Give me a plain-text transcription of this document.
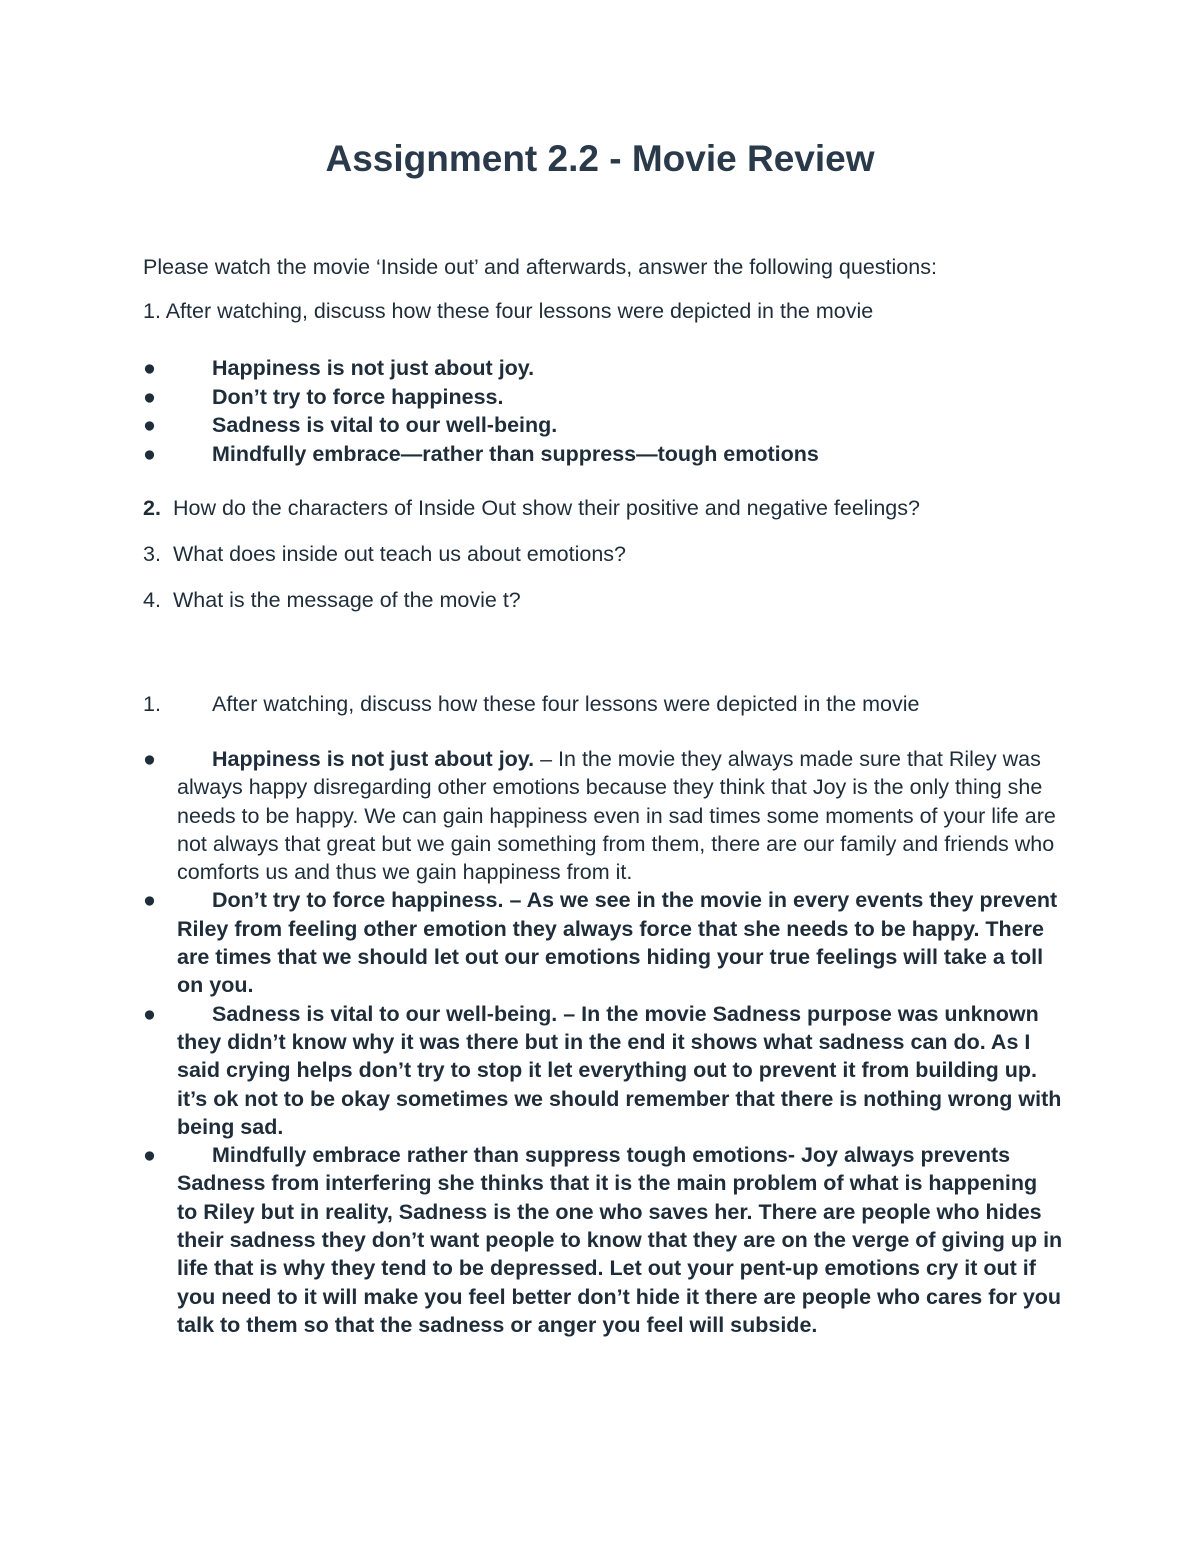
Assignment 2.2 - Movie Review
Please watch the movie ‘Inside out’ and afterwards, answer the following questions:
1. After watching, discuss how these four lessons were depicted in the movie
●	Happiness is not just about joy.
●	Don’t try to force happiness.
●	Sadness is vital to our well-being.
●	Mindfully embrace—rather than suppress—tough emotions
2. How do the characters of Inside Out show their positive and negative feelings?
3. What does inside out teach us about emotions?
4. What is the message of the movie t?
1. After watching, discuss how these four lessons were depicted in the movie
●	Happiness is not just about joy. – In the movie they always made sure that Riley was always happy disregarding other emotions because they think that Joy is the only thing she needs to be happy. We can gain happiness even in sad times some moments of your life are not always that great but we gain something from them, there are our family and friends who comforts us and thus we gain happiness from it.
●	Don’t try to force happiness. – As we see in the movie in every events they prevent Riley from feeling other emotion they always force that she needs to be happy. There are times that we should let out our emotions hiding your true feelings will take a toll on you.
●	Sadness is vital to our well-being. – In the movie Sadness purpose was unknown they didn’t know why it was there but in the end it shows what sadness can do. As I said crying helps don’t try to stop it let everything out to prevent it from building up. it’s ok not to be okay sometimes we should remember that there is nothing wrong with being sad.
●	Mindfully embrace rather than suppress tough emotions- Joy always prevents Sadness from interfering she thinks that it is the main problem of what is happening to Riley but in reality, Sadness is the one who saves her. There are people who hides their sadness they don’t want people to know that they are on the verge of giving up in life that is why they tend to be depressed. Let out your pent-up emotions cry it out if you need to it will make you feel better don’t hide it there are people who cares for you talk to them so that the sadness or anger you feel will subside.
